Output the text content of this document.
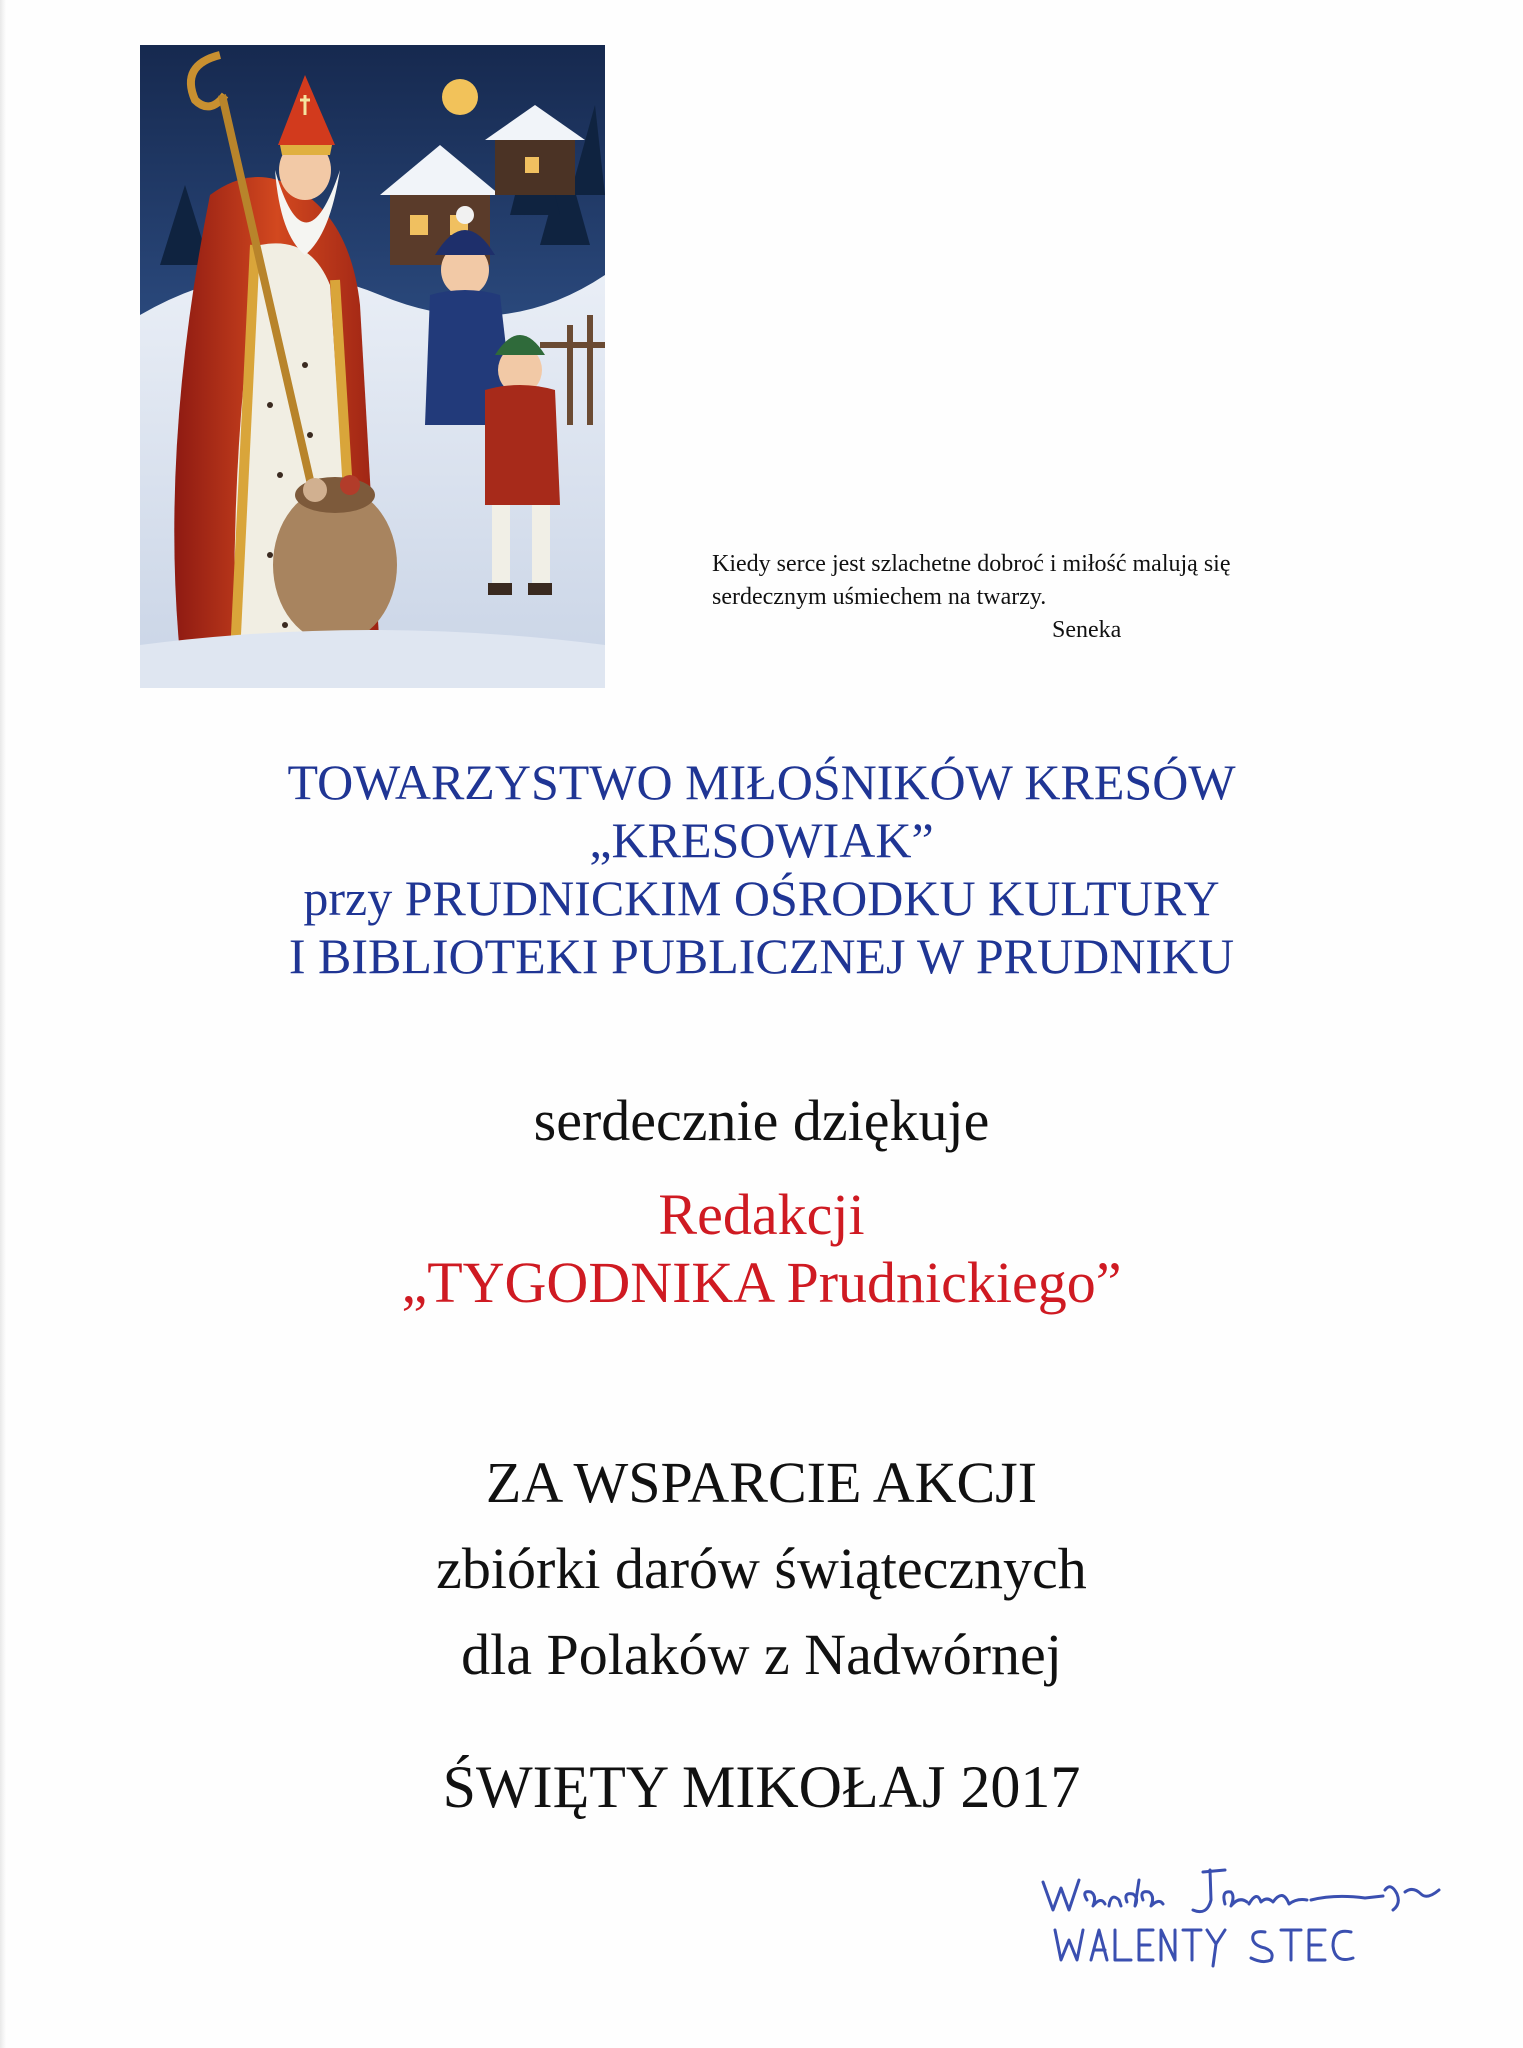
Kiedy serce jest szlachetne dobroć i miłość malują się
serdecznym uśmiechem na twarzy.
Seneka
TOWARZYSTWO MIŁOŚNIKÓW KRESÓW
„KRESOWIAK”
przy PRUDNICKIM OŚRODKU KULTURY
I BIBLIOTEKI PUBLICZNEJ W PRUDNIKU
serdecznie dziękuje
Redakcji
„TYGODNIKA Prudnickiego”
ZA WSPARCIE AKCJI
zbiórki darów świątecznych
dla Polaków z Nadwórnej
ŚWIĘTY MIKOŁAJ 2017
